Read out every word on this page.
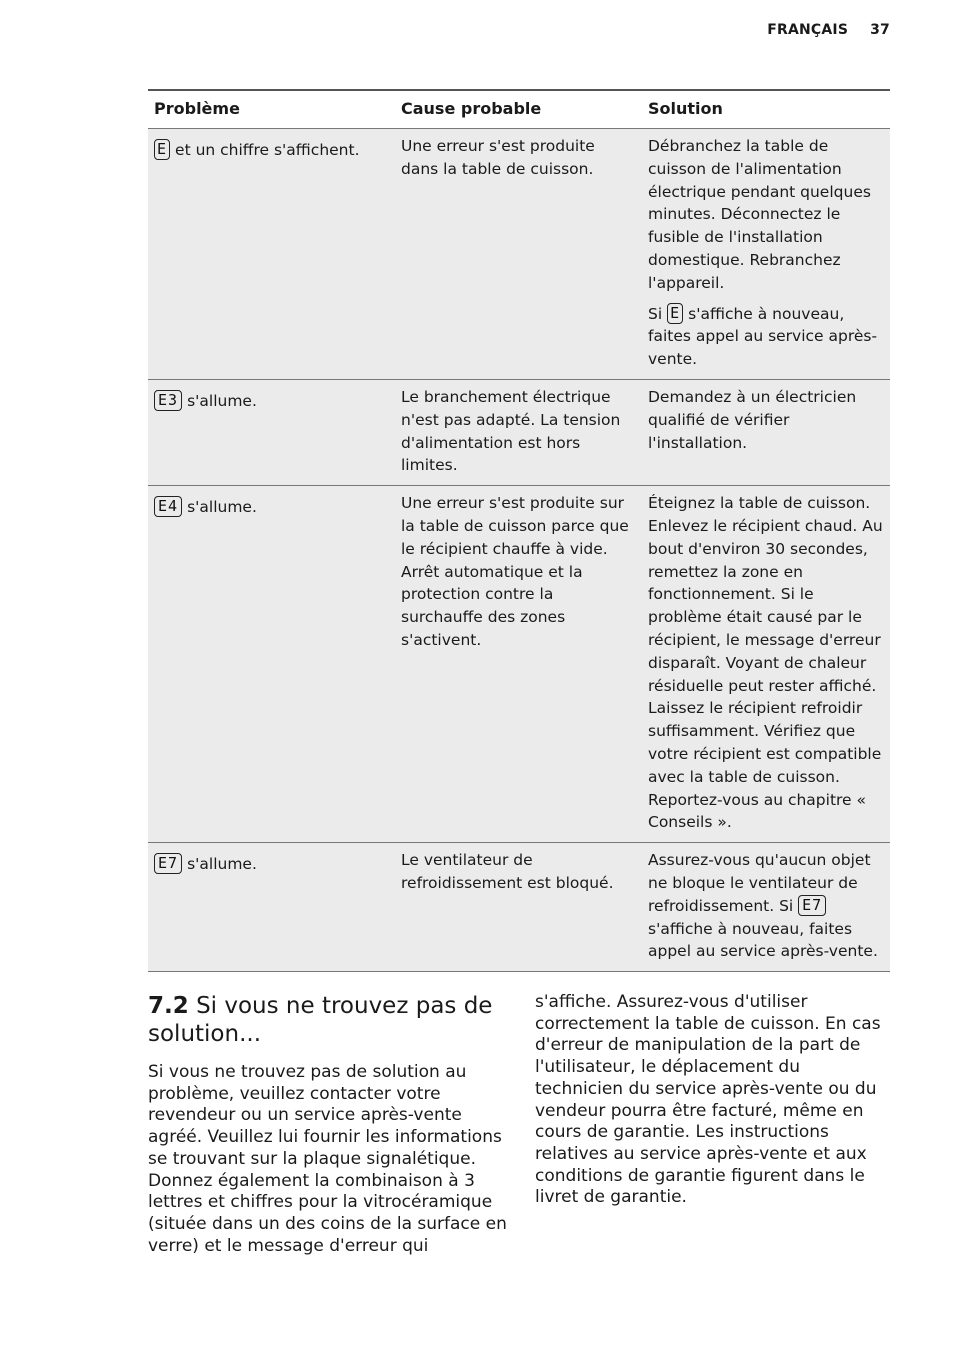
FRANÇAIS 37
Problème	Cause probable	Solution
E et un chiffre s'affichent.	Une erreur s'est produite dans la table de cuisson.	Débranchez la table de cuisson de l'alimentation électrique pendant quelques minutes. Déconnectez le fusible de l'installation domestique. Rebranchez l'appareil.

Si E s'affiche à nouveau, faites appel au service après-vente.

E3 s'allume.	Le branchement électrique n'est pas adapté. La tension d'alimentation est hors limites.	Demandez à un électricien qualifié de vérifier l'installation.

E4 s'allume.	Une erreur s'est produite sur la table de cuisson parce que le récipient chauffe à vide. Arrêt automatique et la protection contre la surchauffe des zones s'activent.	Éteignez la table de cuisson. Enlevez le récipient chaud. Au bout d'environ 30 secondes, remettez la zone en fonctionnement. Si le problème était causé par le récipient, le message d'erreur disparaît. Voyant de chaleur résiduelle peut rester affiché. Laissez le récipient refroidir suffisamment. Vérifiez que votre récipient est compatible avec la table de cuisson.

Reportez-vous au chapitre « Conseils ».

E7 s'allume.	Le ventilateur de refroidissement est bloqué.	Assurez-vous qu'aucun objet ne bloque le ventilateur de refroidissement. Si E7s'affiche à nouveau, faites appel au service après-vente.

7.2 Si vous ne trouvez pas de solution...

Si vous ne trouvez pas de solution au problème, veuillez contacter votre revendeur ou un service après-vente agréé. Veuillez lui fournir les informations se trouvant sur la plaque signalétique. Donnez également la combinaison à 3 lettres et chiffres pour la vitrocéramique (située dans un des coins de la surface en verre) et le message d'erreur qui

s'affiche. Assurez-vous d'utiliser correctement la table de cuisson. En cas d'erreur de manipulation de la part de l'utilisateur, le déplacement du technicien du service après-vente ou du vendeur pourra être facturé, même en cours de garantie. Les instructions relatives au service après-vente et aux conditions de garantie figurent dans le livret de garantie.
